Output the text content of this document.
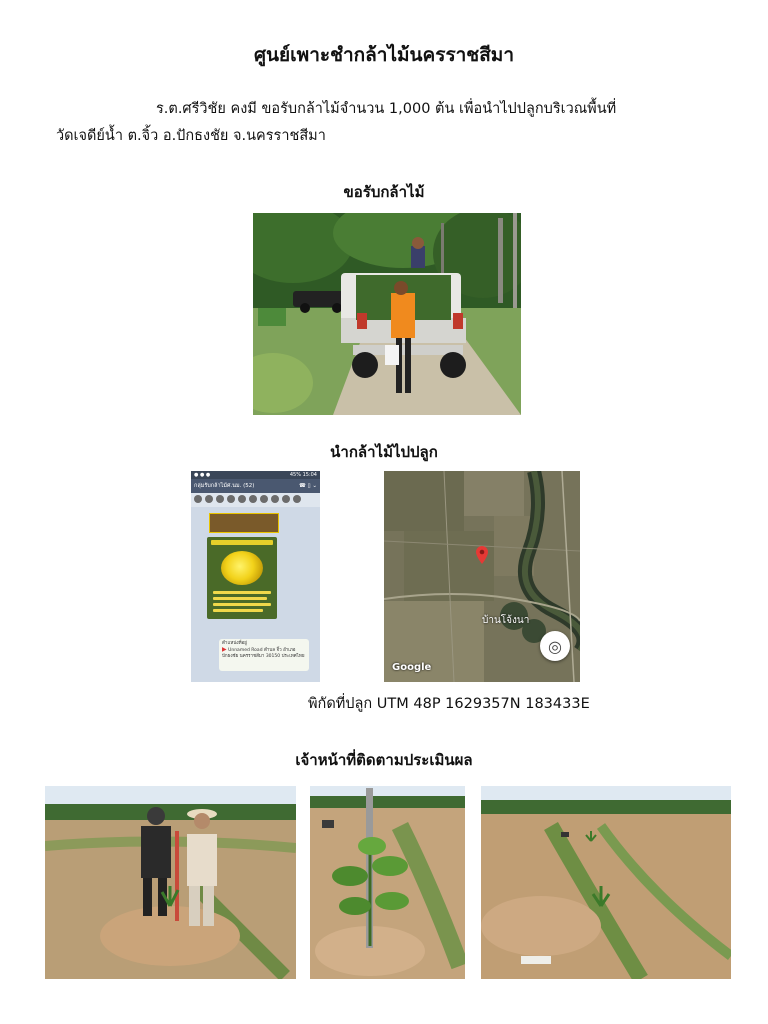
ศูนย์เพาะชำกล้าไม้นครราชสีมา
ร.ต.ศรีวิชัย คงมี ขอรับกล้าไม้จำนวน 1,000 ต้น เพื่อนำไปปลูกบริเวณพื้นที่
วัดเจดีย์น้ำ ต.จิ้ว อ.ปักธงชัย จ.นครราชสีมา
ขอรับกล้าไม้
นำกล้าไม้ไปปลูก
● ● ●	45% 15:04
กลุ่มรับกล้าไม้ศ.นม. (52)	☎ ▯ ⌄
ตำแหน่งที่อยู่
▶ Unnamed Road ตำบล จิ้ว อำเภอ ปักธงชัย นครราชสีมา 30150 ประเทศไทย
บ้านโจ้งนา
Google
◎
พิกัดที่ปลูก UTM 48P 1629357N 183433E
เจ้าหน้าที่ติดตามประเมินผล
